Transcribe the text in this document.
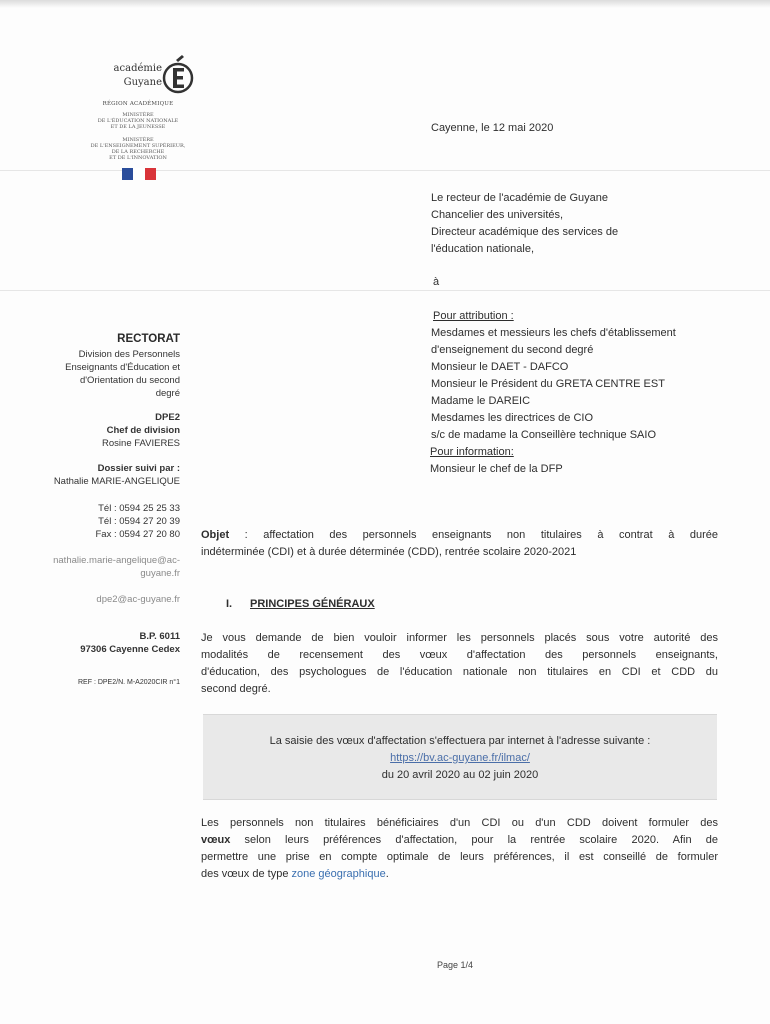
académie
Guyane
RÉGION ACADÉMIQUE
MINISTÈRE
DE L'ÉDUCATION NATIONALE
ET DE LA JEUNESSE
MINISTÈRE
DE L'ENSEIGNEMENT SUPÉRIEUR,
DE LA RECHERCHE
ET DE L'INNOVATION
Cayenne, le 12 mai 2020
Le recteur de l'académie de Guyane
Chancelier des universités,
Directeur académique des services de
l'éducation nationale,
à
Pour attribution :
Mesdames et messieurs les chefs d'établissement
d'enseignement du second degré
Monsieur le DAET - DAFCO
Monsieur le Président du GRETA CENTRE EST
Madame le DAREIC
Mesdames les directrices de CIO
s/c de madame la Conseillère technique SAIO
Pour information:
Monsieur le chef de la DFP
RECTORAT
Division des Personnels
Enseignants d'Éducation et
d'Orientation du second
degré
DPE2
Chef de division
Rosine FAVIERES
Dossier suivi par :
Nathalie MARIE-ANGELIQUE
Tél : 0594 25 25 33
Tél : 0594 27 20 39
Fax : 0594 27 20 80
nathalie.marie-angelique@ac-
guyane.fr
dpe2@ac-guyane.fr
B.P. 6011
97306 Cayenne Cedex
REF : DPE2/N. M-A2020CIR n°1
Objet : affectation des personnels enseignants non titulaires à contrat à durée
indéterminée (CDI) et à durée déterminée (CDD), rentrée scolaire 2020-2021
I. PRINCIPES GÉNÉRAUX
Je vous demande de bien vouloir informer les personnels placés sous votre autorité des
modalités de recensement des vœux d'affectation des personnels enseignants,
d'éducation, des psychologues de l'éducation nationale non titulaires en CDI et CDD du
second degré.
La saisie des vœux d'affectation s'effectuera par internet à l'adresse suivante :
https://bv.ac-guyane.fr/ilmac/
du 20 avril 2020 au 02 juin 2020
Les personnels non titulaires bénéficiaires d'un CDI ou d'un CDD doivent formuler des
vœux selon leurs préférences d'affectation, pour la rentrée scolaire 2020. Afin de
permettre une prise en compte optimale de leurs préférences, il est conseillé de formuler
des vœux de type zone géographique.
Page 1/4
